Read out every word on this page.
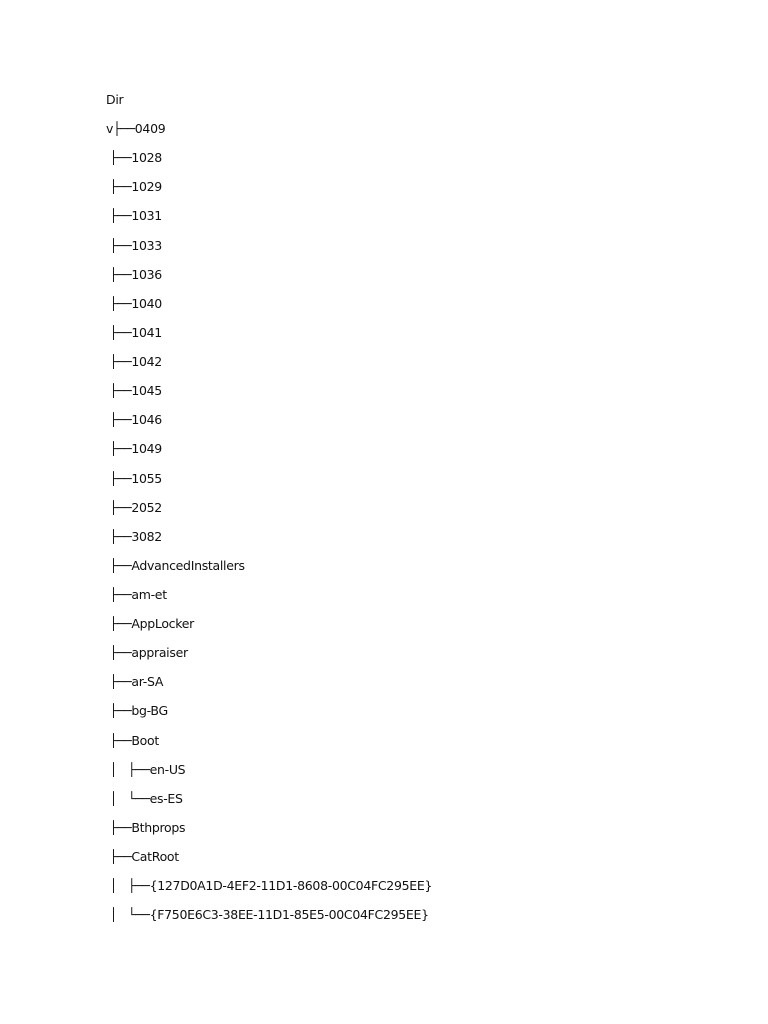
Dir
v├──0409
├──1028
├──1029
├──1031
├──1033
├──1036
├──1040
├──1041
├──1042
├──1045
├──1046
├──1049
├──1055
├──2052
├──3082
├──AdvancedInstallers
├──am-et
├──AppLocker
├──appraiser
├──ar-SA
├──bg-BG
├──Boot
│   ├──en-US
│   └──es-ES
├──Bthprops
├──CatRoot
│   ├──{127D0A1D-4EF2-11D1-8608-00C04FC295EE}
│   └──{F750E6C3-38EE-11D1-85E5-00C04FC295EE}
